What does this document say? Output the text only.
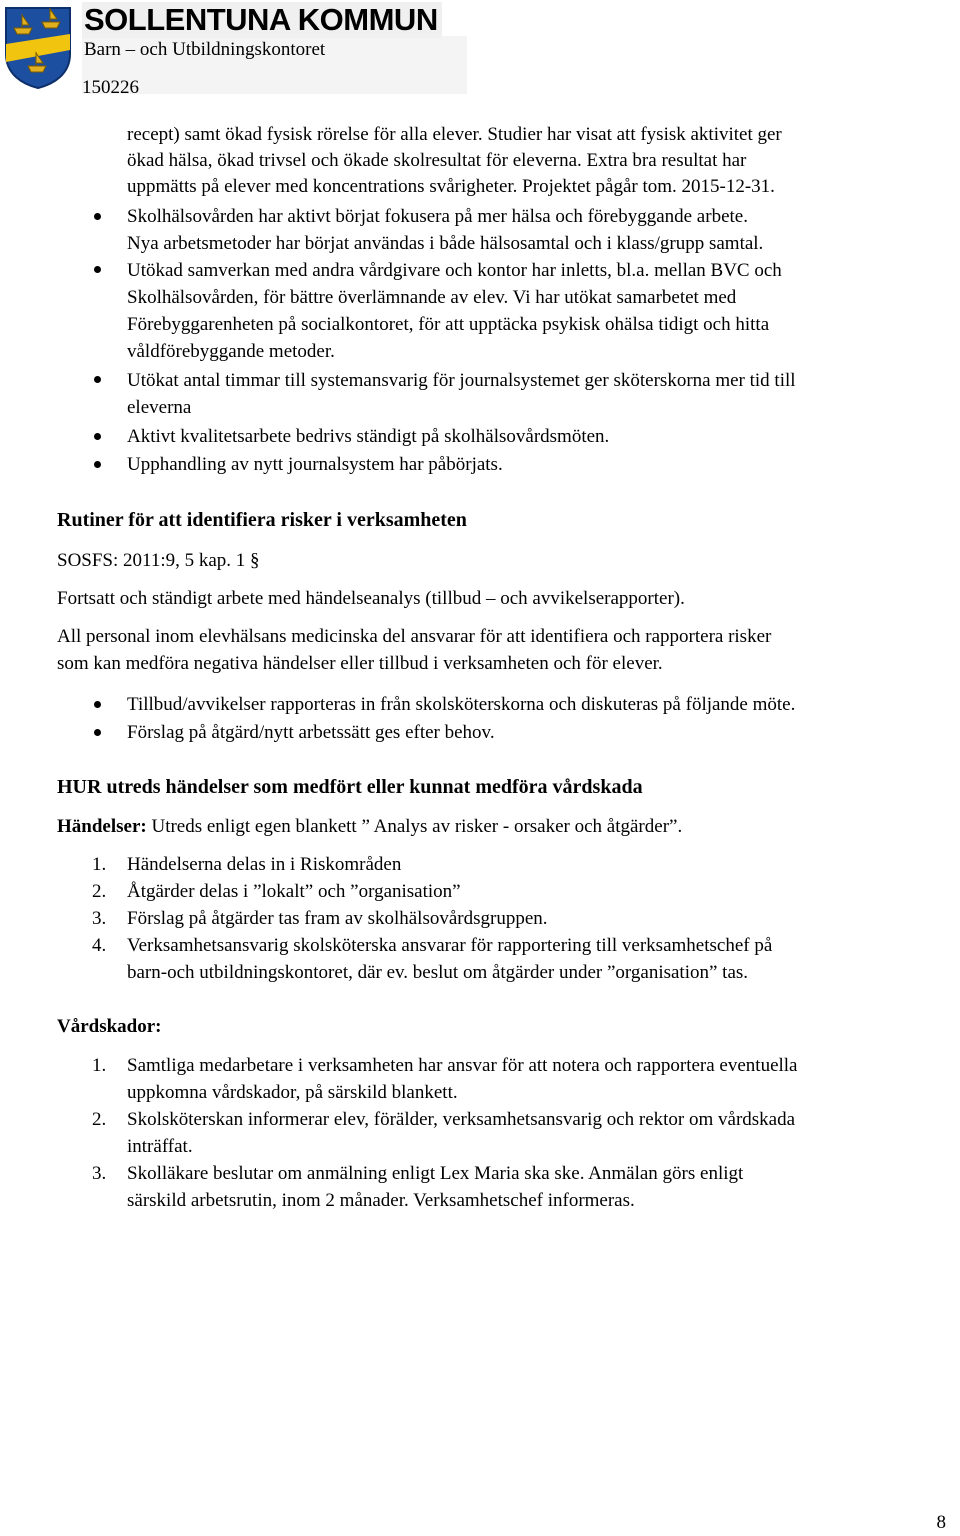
SOLLENTUNA KOMMUN
Barn – och Utbildningskontoret
150226
recept) samt ökad fysisk rörelse för alla elever. Studier har visat att fysisk aktivitet ger
ökad hälsa, ökad trivsel och ökade skolresultat för eleverna. Extra bra resultat har
uppmätts på elever med koncentrations svårigheter. Projektet pågår tom. 2015-12-31.
Skolhälsovården har aktivt börjat fokusera på mer hälsa och förebyggande arbete.
Nya arbetsmetoder har börjat användas i både hälsosamtal och i klass/grupp samtal.
Utökad samverkan med andra vårdgivare och kontor har inletts, bl.a. mellan BVC och
Skolhälsovården, för bättre överlämnande av elev. Vi har utökat samarbetet med
Förebyggarenheten på socialkontoret, för att upptäcka psykisk ohälsa tidigt och hitta
våldförebyggande metoder.
Utökat antal timmar till systemansvarig för journalsystemet ger sköterskorna mer tid till
eleverna
Aktivt kvalitetsarbete bedrivs ständigt på skolhälsovårdsmöten.
Upphandling av nytt journalsystem har påbörjats.
Rutiner för att identifiera risker i verksamheten
SOSFS: 2011:9, 5 kap. 1 §
Fortsatt och ständigt arbete med händelseanalys (tillbud – och avvikelserapporter).
All personal inom elevhälsans medicinska del ansvarar för att identifiera och rapportera risker
som kan medföra negativa händelser eller tillbud i verksamheten och för elever.
Tillbud/avvikelser rapporteras in från skolsköterskorna och diskuteras på följande möte.
Förslag på åtgärd/nytt arbetssätt ges efter behov.
HUR utreds händelser som medfört eller kunnat medföra vårdskada
Händelser: Utreds enligt egen blankett ” Analys av risker - orsaker och åtgärder”.
1. Händelserna delas in i Riskområden
2. Åtgärder delas i ”lokalt” och ”organisation”
3. Förslag på åtgärder tas fram av skolhälsovårdsgruppen.
4. Verksamhetsansvarig skolsköterska ansvarar för rapportering till verksamhetschef på
barn-och utbildningskontoret, där ev. beslut om åtgärder under ”organisation” tas.
Vårdskador:
1. Samtliga medarbetare i verksamheten har ansvar för att notera och rapportera eventuella
uppkomna vårdskador, på särskild blankett.
2. Skolsköterskan informerar elev, förälder, verksamhetsansvarig och rektor om vårdskada
inträffat.
3. Skolläkare beslutar om anmälning enligt Lex Maria ska ske. Anmälan görs enligt
särskild arbetsrutin, inom 2 månader. Verksamhetschef informeras.
8
